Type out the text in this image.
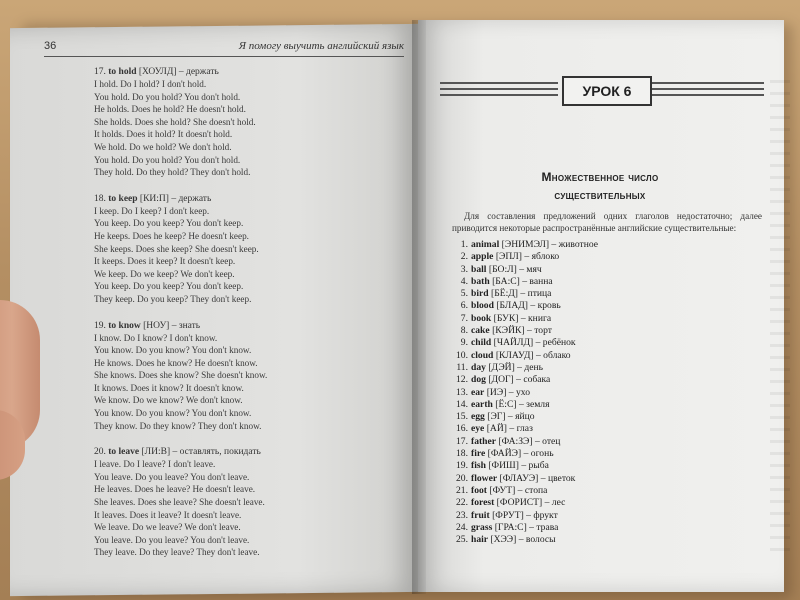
36	Я помогу выучить английский язык
17. to hold [ХОУЛД] – держать
I hold. Do I hold? I don't hold.
You hold. Do you hold? You don't hold.
He holds. Does he hold? He doesn't hold.
She holds. Does she hold? She doesn't hold.
It holds. Does it hold? It doesn't hold.
We hold. Do we hold? We don't hold.
You hold. Do you hold? You don't hold.
They hold. Do they hold? They don't hold.
18. to keep [КИ:П] – держать
I keep. Do I keep? I don't keep.
You keep. Do you keep? You don't keep.
He keeps. Does he keep? He doesn't keep.
She keeps. Does she keep? She doesn't keep.
It keeps. Does it keep? It doesn't keep.
We keep. Do we keep? We don't keep.
You keep. Do you keep? You don't keep.
They keep. Do you keep? They don't keep.
19. to know [НОУ] – знать
I know. Do I know? I don't know.
You know. Do you know? You don't know.
He knows. Does he know? He doesn't know.
She knows. Does she know? She doesn't know.
It knows. Does it know? It doesn't know.
We know. Do we know? We don't know.
You know. Do you know? You don't know.
They know. Do they know? They don't know.
20. to leave [ЛИ:В] – оставлять, покидать
I leave. Do I leave? I don't leave.
You leave. Do you leave? You don't leave.
He leaves. Does he leave? He doesn't leave.
She leaves. Does she leave? She doesn't leave.
It leaves. Does it leave? It doesn't leave.
We leave. Do we leave? We don't leave.
You leave. Do you leave? You don't leave.
They leave. Do they leave? They don't leave.
УРОК 6
Множественное число
существительных
Для составления предложений одних глаголов недостаточно; далее приводится некоторые распространённые английские существительные:
1. animal [ЭНИМЭЛ] – животное
2. apple [ЭПЛ] – яблоко
3. ball [БО:Л] – мяч
4. bath [БА:С] – ванна
5. bird [БЁ:Д] – птица
6. blood [БЛАД] – кровь
7. book [БУК] – книга
8. cake [КЭЙК] – торт
9. child [ЧАЙЛД] – ребёнок
10. cloud [КЛАУД] – облако
11. day [ДЭЙ] – день
12. dog [ДОГ] – собака
13. ear [ИЭ] – ухо
14. earth [Ё:С] – земля
15. egg [ЭГ] – яйцо
16. eye [АЙ] – глаз
17. father [ФА:ЗЭ] – отец
18. fire [ФАЙЭ] – огонь
19. fish [ФИШ] – рыба
20. flower [ФЛАУЭ] – цветок
21. foot [ФУТ] – стопа
22. forest [ФОРИСТ] – лес
23. fruit [ФРУТ] – фрукт
24. grass [ГРА:С] – трава
25. hair [ХЭЭ] – волосы
